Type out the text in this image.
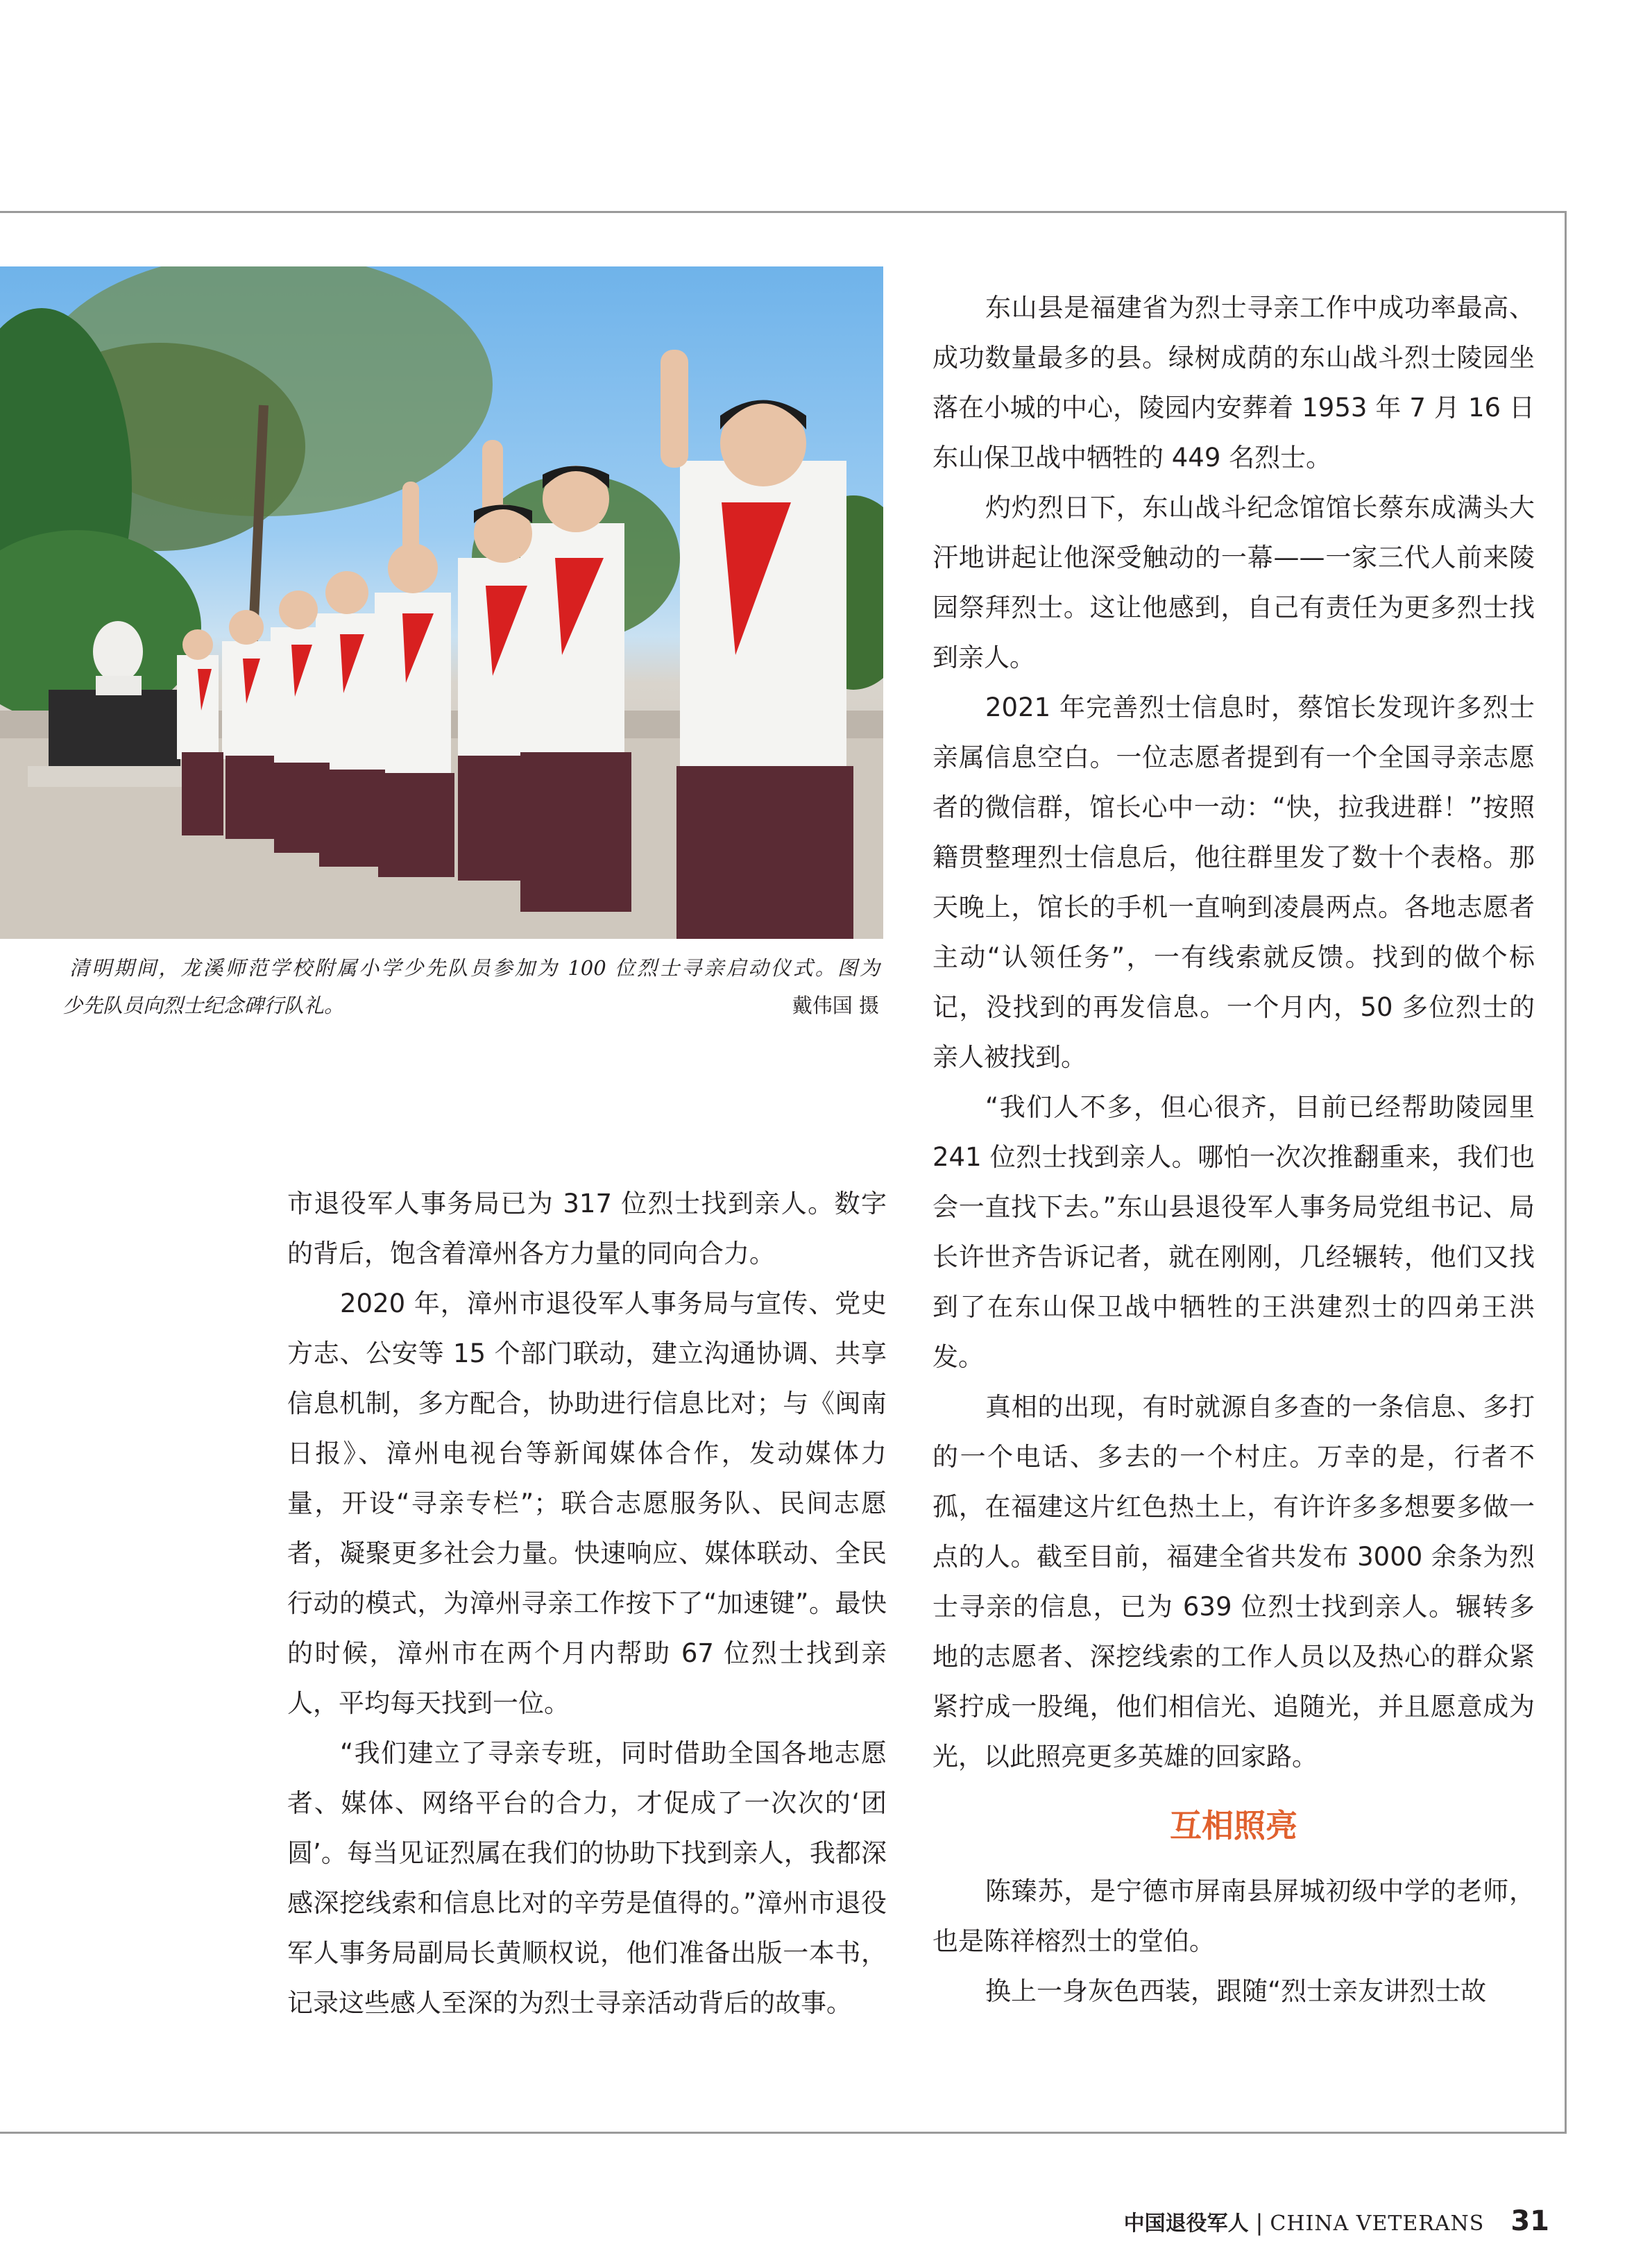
清明期间，龙溪师范学校附属小学少先队员参加为 100 位烈士寻亲启动仪式。图为
少先队员向烈士纪念碑行队礼。	戴伟国 摄

市退役军人事务局已为 317 位烈士找到亲人。数字的背后，饱含着漳州各方力量的同向合力。

2020 年，漳州市退役军人事务局与宣传、党史方志、公安等 15 个部门联动，建立沟通协调、共享信息机制，多方配合，协助进行信息比对；与《闽南日报》、漳州电视台等新闻媒体合作，发动媒体力量，开设“寻亲专栏”；联合志愿服务队、民间志愿者，凝聚更多社会力量。快速响应、媒体联动、全民行动的模式，为漳州寻亲工作按下了“加速键”。最快的时候，漳州市在两个月内帮助 67 位烈士找到亲人，平均每天找到一位。

“我们建立了寻亲专班，同时借助全国各地志愿者、媒体、网络平台的合力，才促成了一次次的‘团圆’。每当见证烈属在我们的协助下找到亲人，我都深感深挖线索和信息比对的辛劳是值得的。”漳州市退役军人事务局副局长黄顺权说，他们准备出版一本书，记录这些感人至深的为烈士寻亲活动背后的故事。

东山县是福建省为烈士寻亲工作中成功率最高、成功数量最多的县。绿树成荫的东山战斗烈士陵园坐落在小城的中心，陵园内安葬着 1953 年 7 月 16 日东山保卫战中牺牲的 449 名烈士。

灼灼烈日下，东山战斗纪念馆馆长蔡东成满头大汗地讲起让他深受触动的一幕——一家三代人前来陵园祭拜烈士。这让他感到，自己有责任为更多烈士找到亲人。

2021 年完善烈士信息时，蔡馆长发现许多烈士亲属信息空白。一位志愿者提到有一个全国寻亲志愿者的微信群，馆长心中一动：“快，拉我进群！”按照籍贯整理烈士信息后，他往群里发了数十个表格。那天晚上，馆长的手机一直响到凌晨两点。各地志愿者主动“认领任务”，一有线索就反馈。找到的做个标记，没找到的再发信息。一个月内，50 多位烈士的亲人被找到。

“我们人不多，但心很齐，目前已经帮助陵园里 241 位烈士找到亲人。哪怕一次次推翻重来，我们也会一直找下去。”东山县退役军人事务局党组书记、局长许世齐告诉记者，就在刚刚，几经辗转，他们又找到了在东山保卫战中牺牲的王洪建烈士的四弟王洪发。

真相的出现，有时就源自多查的一条信息、多打的一个电话、多去的一个村庄。万幸的是，行者不孤，在福建这片红色热土上，有许许多多想要多做一点的人。截至目前，福建全省共发布 3000 余条为烈士寻亲的信息，已为 639 位烈士找到亲人。辗转多地的志愿者、深挖线索的工作人员以及热心的群众紧紧拧成一股绳，他们相信光、追随光，并且愿意成为光，以此照亮更多英雄的回家路。

互相照亮

陈臻苏，是宁德市屏南县屏城初级中学的老师，也是陈祥榕烈士的堂伯。

换上一身灰色西装，跟随“烈士亲友讲烈士故

中国退役军人 | CHINA VETERANS 31
